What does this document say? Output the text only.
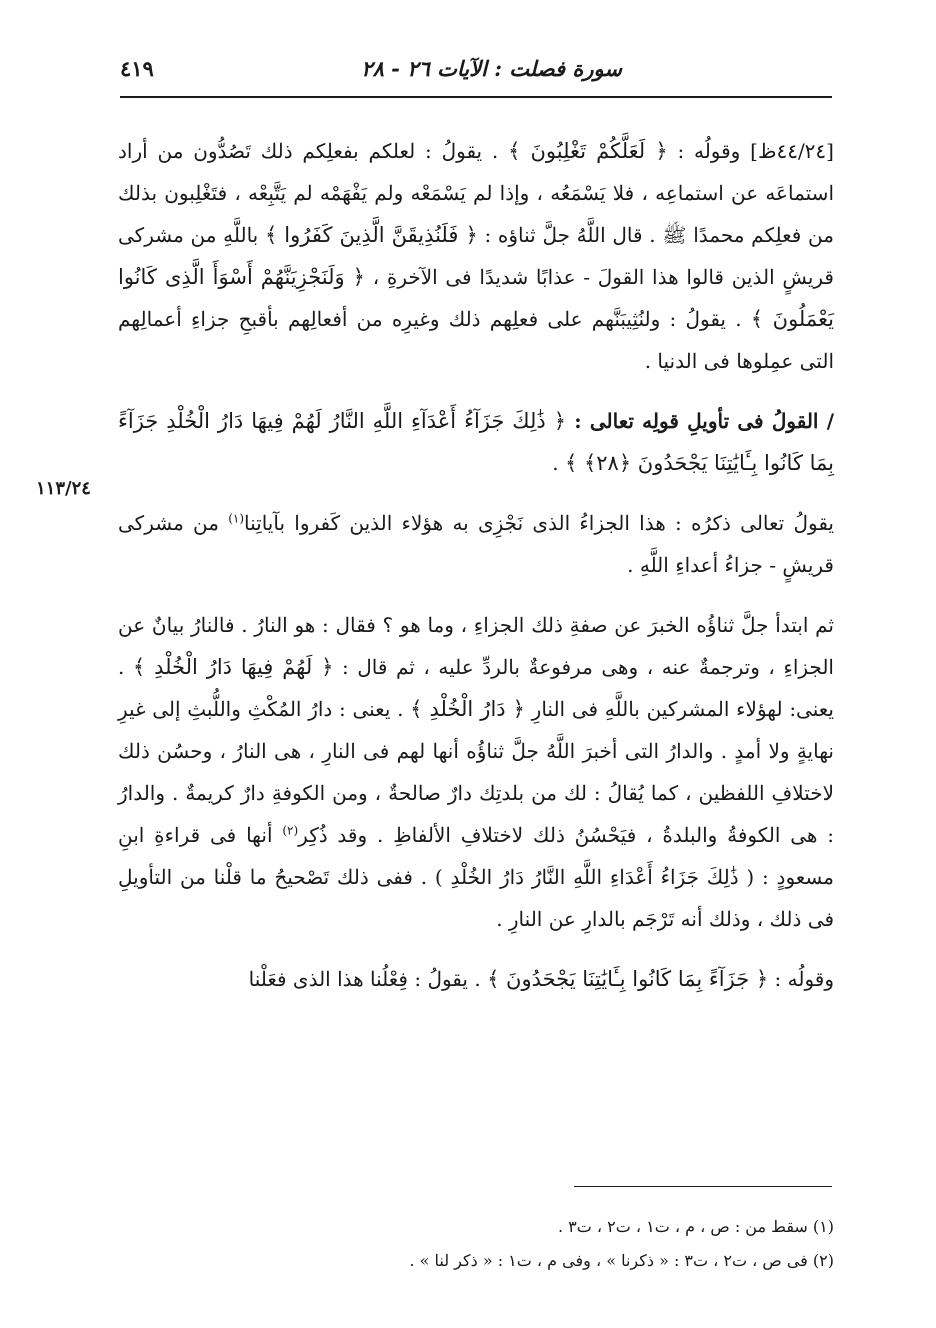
سورة فصلت : الآيات ٢٦ - ٢٨
٤١٩
١١٣/٢٤

[٤٤/٢٤ظ] وقولُه : ﴿ لَعَلَّكُمْ تَغْلِبُونَ ﴾ . يقولُ : لعلكم بفعلِكم ذلك تَصُدُّون من أراد استماعَه عن استماعِه ، فلا يَسْمَعُه ، وإذا لم يَسْمَعْه ولم يَفْهَمْه لم يَتَّبِعْه ، فتَغْلِبون بذلك من فعلِكم محمدًا ﷺ . قال اللَّهُ جلَّ ثناؤه : ﴿ فَلَنُذِيقَنَّ الَّذِينَ كَفَرُوا ﴾ باللَّهِ من مشركى قريشٍ الذين قالوا هذا القولَ - عذابًا شديدًا فى الآخرةِ ، ﴿ وَلَنَجْزِيَنَّهُمْ أَسْوَأَ الَّذِى كَانُوا يَعْمَلُونَ ﴾ . يقولُ : ولنُثِيبَنَّهم على فعلِهم ذلك وغيرِه من أفعالِهم بأقبحِ جزاءِ أعمالِهم التى عمِلوها فى الدنيا .

/ القولُ فى تأويلِ قولِه تعالى : ﴿ ذَٰلِكَ جَزَآءُ أَعْدَآءِ اللَّهِ النَّارُ لَهُمْ فِيهَا دَارُ الْخُلْدِ جَزَآءً بِمَا كَانُوا بِـَٔايَٰتِنَا يَجْحَدُونَ ﴿٢٨﴾ ﴾ .

يقولُ تعالى ذكرُه : هذا الجزاءُ الذى نَجْزِى به هؤلاء الذين كَفروا بآياتِنا$^{(١)}$ من مشركى قريشٍ - جزاءُ أعداءِ اللَّهِ .

ثم ابتدأ جلَّ ثناؤُه الخبرَ عن صفةِ ذلك الجزاءِ ، وما هو ؟ فقال : هو النارُ . فالنارُ بيانٌ عن الجزاءِ ، وترجمةٌ عنه ، وهى مرفوعةٌ بالردِّ عليه ، ثم قال : ﴿ لَهُمْ فِيهَا دَارُ الْخُلْدِ ﴾ . يعنى: لهؤلاء المشركين باللَّهِ فى النارِ ﴿ دَارُ الْخُلْدِ ﴾ . يعنى : دارُ المُكْثِ واللُّبثِ إلى غيرِ نهايةٍ ولا أمدٍ . والدارُ التى أخبرَ اللَّهُ جلَّ ثناؤُه أنها لهم فى النارِ ، هى النارُ ، وحسُن ذلك لاختلافِ اللفظين ، كما يُقالُ : لك من بلدتِك دارٌ صالحةٌ ، ومن الكوفةِ دارٌ كريمةٌ . والدارُ : هى الكوفةُ والبلدةُ ، فيَحْسُنُ ذلك لاختلافِ الألفاظِ . وقد ذُكِر$^{(٢)}$ أنها فى قراءةِ ابنِ مسعودٍ : ( ذَٰلِكَ جَزَاءُ أَعْدَاءِ اللَّهِ النَّارُ دَارُ الخُلْدِ ) . ففى ذلك تَصْحيحُ ما قلْنا من التأويلِ فى ذلك ، وذلك أنه تَرْجَم بالدارِ عن النارِ .

وقولُه : ﴿ جَزَآءً بِمَا كَانُوا بِـَٔايَٰتِنَا يَجْحَدُونَ ﴾ . يقولُ : فِعْلُنا هذا الذى فعَلْنا

(١) سقط من : ص ، م ، ت١ ، ت٢ ، ت٣ .

(٢) فى ص ، ت٢ ، ت٣ : « ذكرنا » ، وفى م ، ت١ : « ذكر لنا » .
